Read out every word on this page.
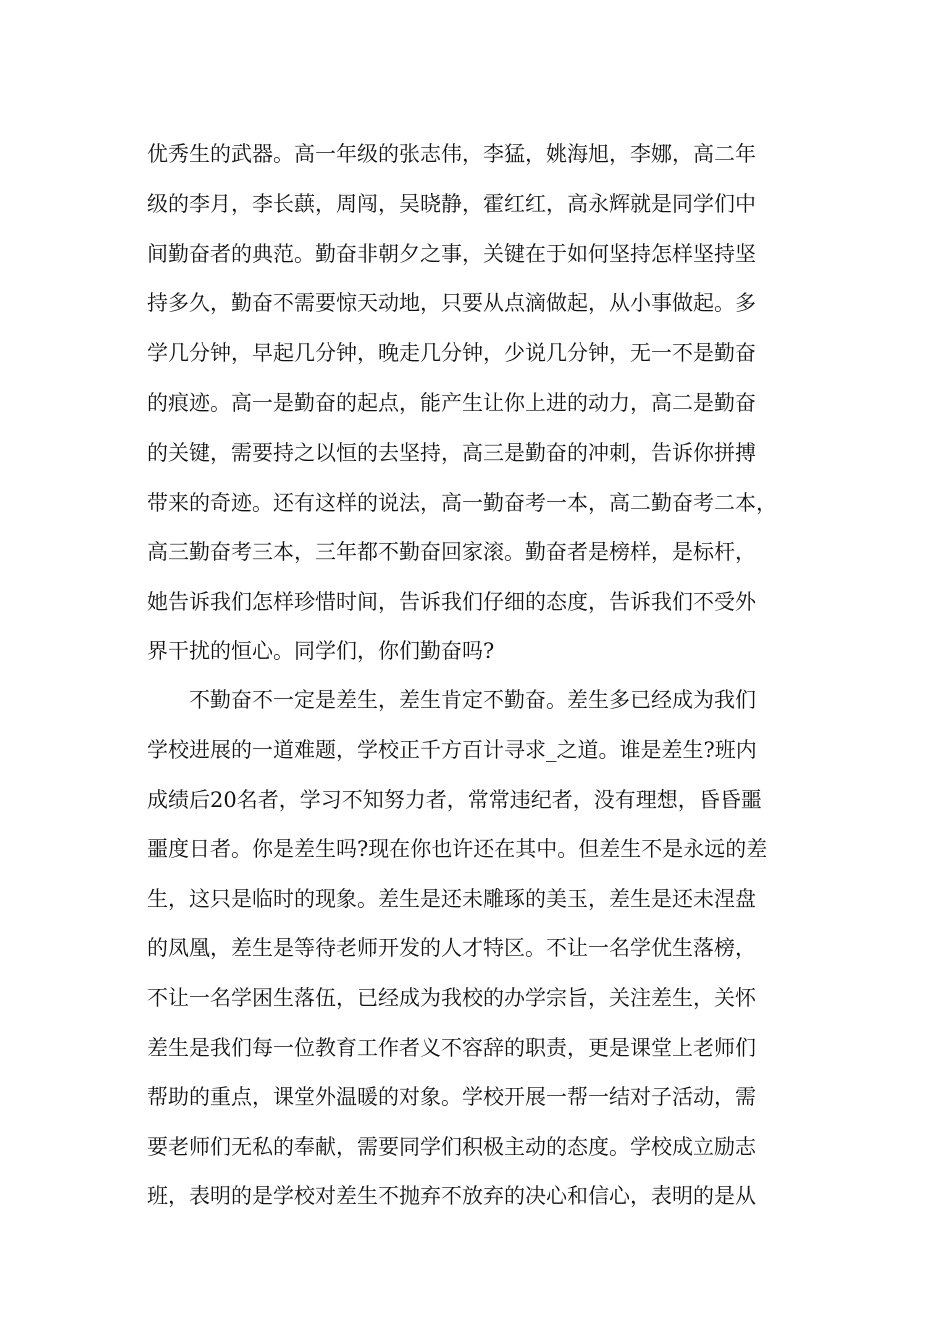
优秀生的武器。高一年级的张志伟，李猛，姚海旭，李娜，高二年
级的李月，李长蕻，周闯，吴晓静，霍红红，高永辉就是同学们中
间勤奋者的典范。勤奋非朝夕之事，关键在于如何坚持怎样坚持坚
持多久，勤奋不需要惊天动地，只要从点滴做起，从小事做起。多
学几分钟，早起几分钟，晚走几分钟，少说几分钟，无一不是勤奋
的痕迹。高一是勤奋的起点，能产生让你上进的动力，高二是勤奋
的关键，需要持之以恒的去坚持，高三是勤奋的冲刺，告诉你拼搏
带来的奇迹。还有这样的说法，高一勤奋考一本，高二勤奋考二本，
高三勤奋考三本，三年都不勤奋回家滚。勤奋者是榜样，是标杆，
她告诉我们怎样珍惜时间，告诉我们仔细的态度，告诉我们不受外
界干扰的恒心。同学们，你们勤奋吗?
不勤奋不一定是差生，差生肯定不勤奋。差生多已经成为我们
学校进展的一道难题，学校正千方百计寻求_之道。谁是差生?班内
成绩后20名者，学习不知努力者，常常违纪者，没有理想，昏昏噩
噩度日者。你是差生吗?现在你也许还在其中。但差生不是永远的差
生，这只是临时的现象。差生是还未雕琢的美玉，差生是还未涅盘
的凤凰，差生是等待老师开发的人才特区。不让一名学优生落榜，
不让一名学困生落伍，已经成为我校的办学宗旨，关注差生，关怀
差生是我们每一位教育工作者义不容辞的职责，更是课堂上老师们
帮助的重点，课堂外温暖的对象。学校开展一帮一结对子活动，需
要老师们无私的奉献，需要同学们积极主动的态度。学校成立励志
班，表明的是学校对差生不抛弃不放弃的决心和信心，表明的是从
